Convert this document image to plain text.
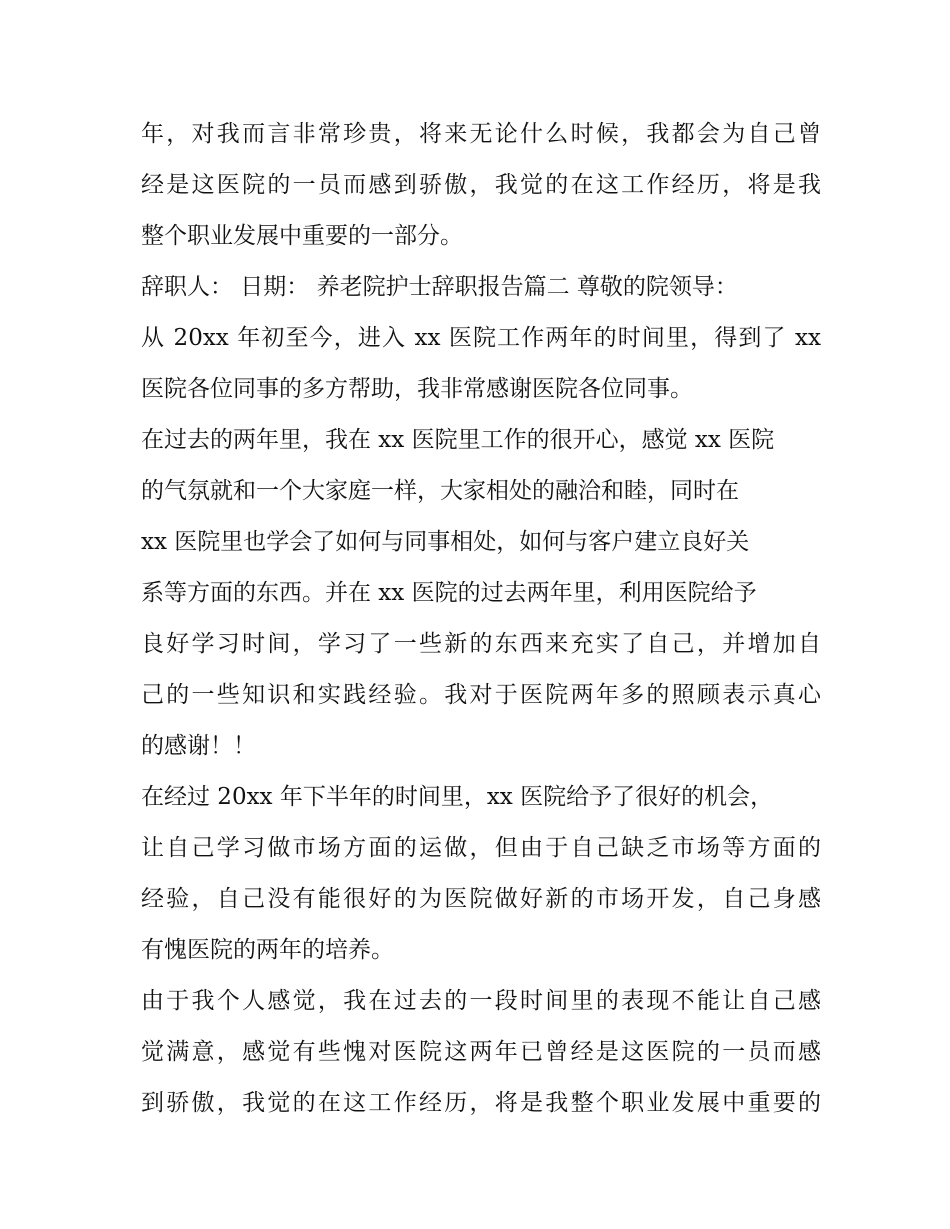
年，对我而言非常珍贵，将来无论什么时候，我都会为自己曾
经是这医院的一员而感到骄傲，我觉的在这工作经历，将是我
整个职业发展中重要的一部分。
辞职人： 日期： 养老院护士辞职报告篇二 尊敬的院领导：
从 20xx 年初至今，进入 xx 医院工作两年的时间里，得到了 xx
医院各位同事的多方帮助，我非常感谢医院各位同事。
在过去的两年里，我在 xx 医院里工作的很开心，感觉 xx 医院
的气氛就和一个大家庭一样，大家相处的融洽和睦，同时在
xx 医院里也学会了如何与同事相处，如何与客户建立良好关
系等方面的东西。并在 xx 医院的过去两年里，利用医院给予
良好学习时间，学习了一些新的东西来充实了自己，并增加自
己的一些知识和实践经验。我对于医院两年多的照顾表示真心
的感谢！！
在经过 20xx 年下半年的时间里，xx 医院给予了很好的机会，
让自己学习做市场方面的运做，但由于自己缺乏市场等方面的
经验，自己没有能很好的为医院做好新的市场开发，自己身感
有愧医院的两年的培养。
由于我个人感觉，我在过去的一段时间里的表现不能让自己感
觉满意，感觉有些愧对医院这两年已曾经是这医院的一员而感
到骄傲，我觉的在这工作经历，将是我整个职业发展中重要的
